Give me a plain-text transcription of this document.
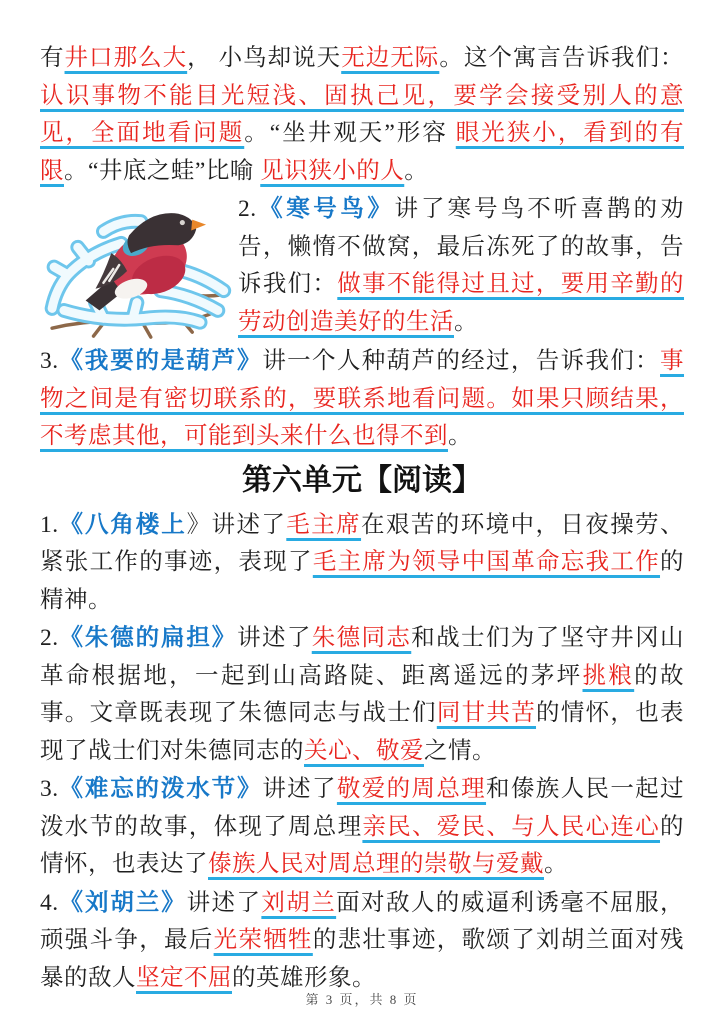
有井口那么大， 小鸟却说天无边无际。这个寓言告诉我们：认识事物不能目光短浅、固执己见，要学会接受别人的意见，全面地看问题。“坐井观天”形容 眼光狭小，看到的有限。“井底之蛙”比喻 见识狭小的人。

2.《寒号鸟》讲了寒号鸟不听喜鹊的劝告，懒惰不做窝，最后冻死了的故事，告诉我们：做事不能得过且过，要用辛勤的劳动创造美好的生活。

3.《我要的是葫芦》讲一个人种葫芦的经过，告诉我们：事物之间是有密切联系的，要联系地看问题。如果只顾结果，不考虑其他，可能到头来什么也得不到。

第六单元【阅读】

1.《八角楼上》讲述了毛主席在艰苦的环境中，日夜操劳、紧张工作的事迹，表现了毛主席为领导中国革命忘我工作的精神。

2.《朱德的扁担》讲述了朱德同志和战士们为了坚守井冈山革命根据地，一起到山高路陡、距离遥远的茅坪挑粮的故事。文章既表现了朱德同志与战士们同甘共苦的情怀，也表现了战士们对朱德同志的关心、敬爱之情。

3.《难忘的泼水节》讲述了敬爱的周总理和傣族人民一起过泼水节的故事，体现了周总理亲民、爱民、与人民心连心的情怀，也表达了傣族人民对周总理的崇敬与爱戴。

4.《刘胡兰》讲述了刘胡兰面对敌人的威逼利诱毫不屈服，顽强斗争，最后光荣牺牲的悲壮事迹，歌颂了刘胡兰面对残暴的敌人坚定不屈的英雄形象。

第 3 页，共 8 页
